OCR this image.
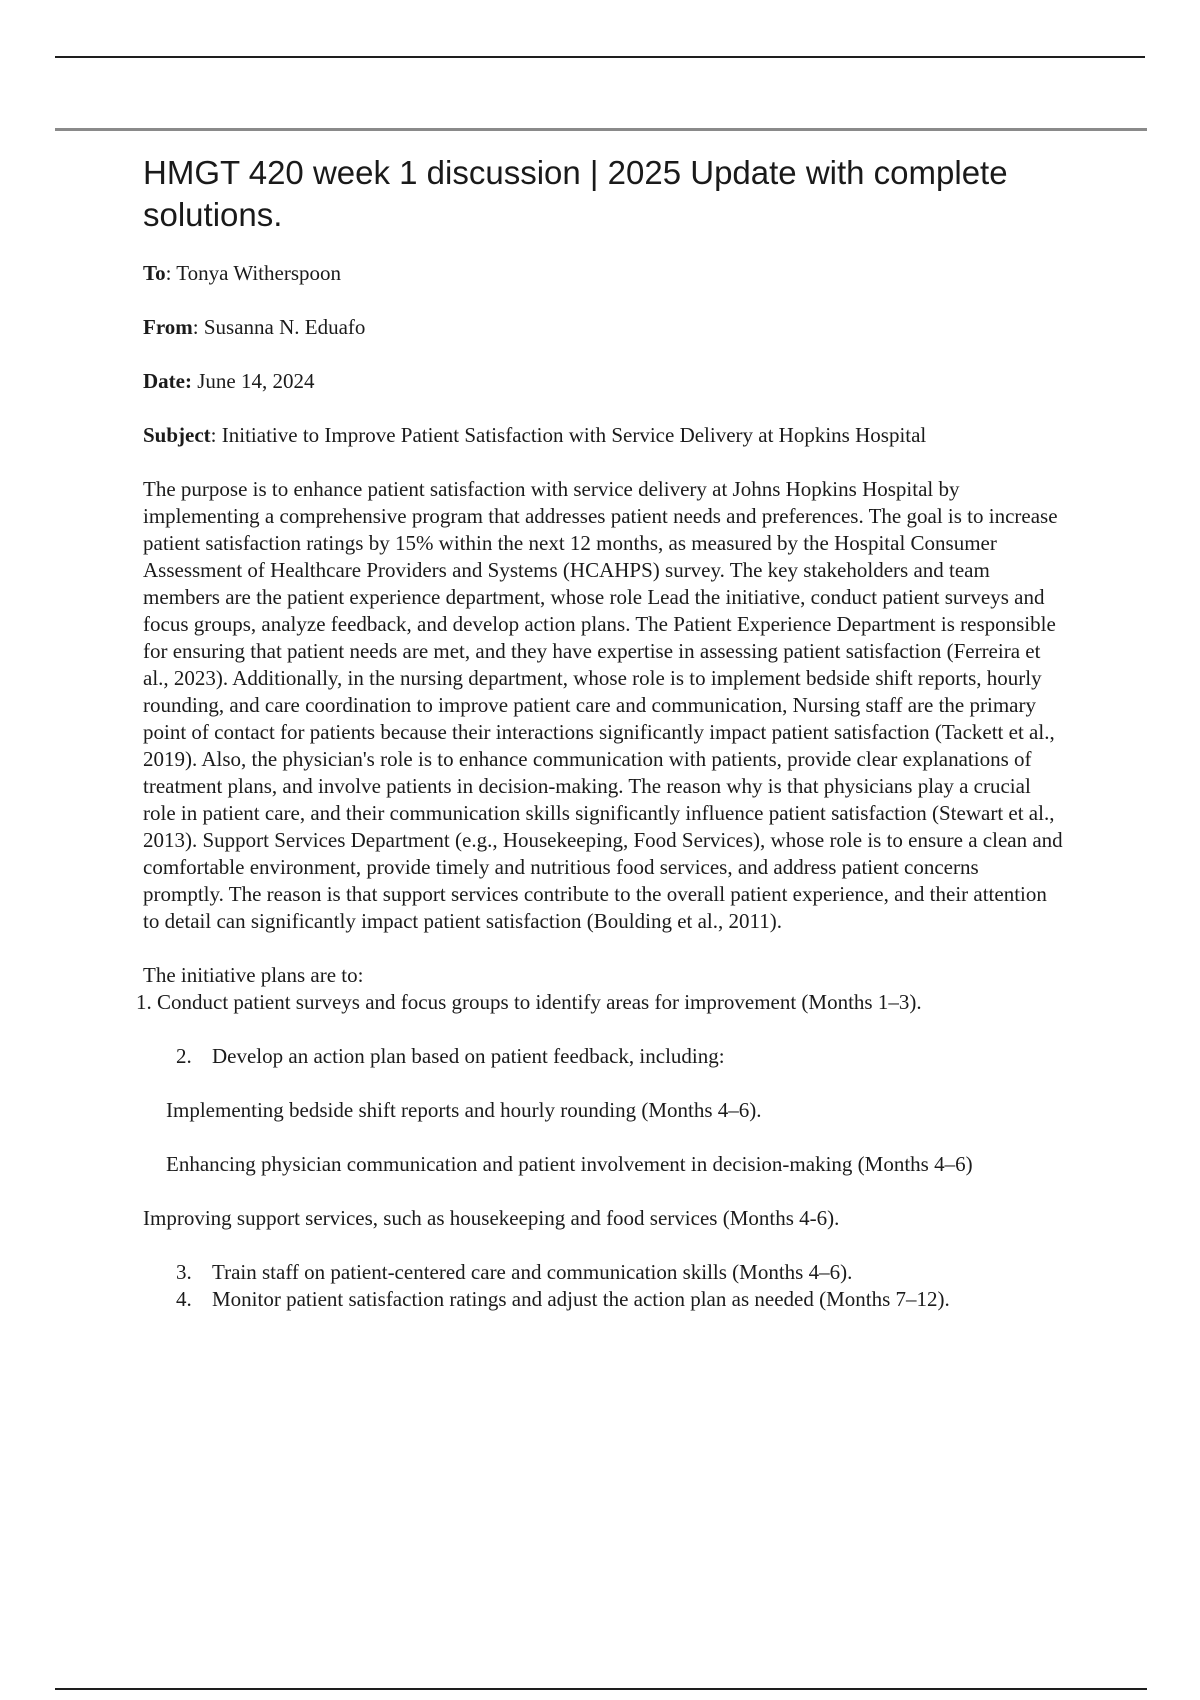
HMGT 420 week 1 discussion | 2025 Update with complete solutions.

To: Tonya Witherspoon

From: Susanna N. Eduafo

Date: June 14, 2024

Subject: Initiative to Improve Patient Satisfaction with Service Delivery at Hopkins Hospital

The purpose is to enhance patient satisfaction with service delivery at Johns Hopkins Hospital by implementing a comprehensive program that addresses patient needs and preferences. The goal is to increase patient satisfaction ratings by 15% within the next 12 months, as measured by the Hospital Consumer Assessment of Healthcare Providers and Systems (HCAHPS) survey. The key stakeholders and team members are the patient experience department, whose role Lead the initiative, conduct patient surveys and focus groups, analyze feedback, and develop action plans. The Patient Experience Department is responsible for ensuring that patient needs are met, and they have expertise in assessing patient satisfaction (Ferreira et al., 2023). Additionally, in the nursing department, whose role is to implement bedside shift reports, hourly rounding, and care coordination to improve patient care and communication, Nursing staff are the primary point of contact for patients because their interactions significantly impact patient satisfaction (Tackett et al., 2019). Also, the physician's role is to enhance communication with patients, provide clear explanations of treatment plans, and involve patients in decision-making. The reason why is that physicians play a crucial role in patient care, and their communication skills significantly influence patient satisfaction (Stewart et al., 2013). Support Services Department (e.g., Housekeeping, Food Services), whose role is to ensure a clean and comfortable environment, provide timely and nutritious food services, and address patient concerns promptly. The reason is that support services contribute to the overall patient experience, and their attention to detail can significantly impact patient satisfaction (Boulding et al., 2011).

The initiative plans are to:

1. Conduct patient surveys and focus groups to identify areas for improvement (Months 1–3).

2. Develop an action plan based on patient feedback, including:

Implementing bedside shift reports and hourly rounding (Months 4–6).

Enhancing physician communication and patient involvement in decision-making (Months 4–6)

Improving support services, such as housekeeping and food services (Months 4-6).

3. Train staff on patient-centered care and communication skills (Months 4–6).
4. Monitor patient satisfaction ratings and adjust the action plan as needed (Months 7–12).
